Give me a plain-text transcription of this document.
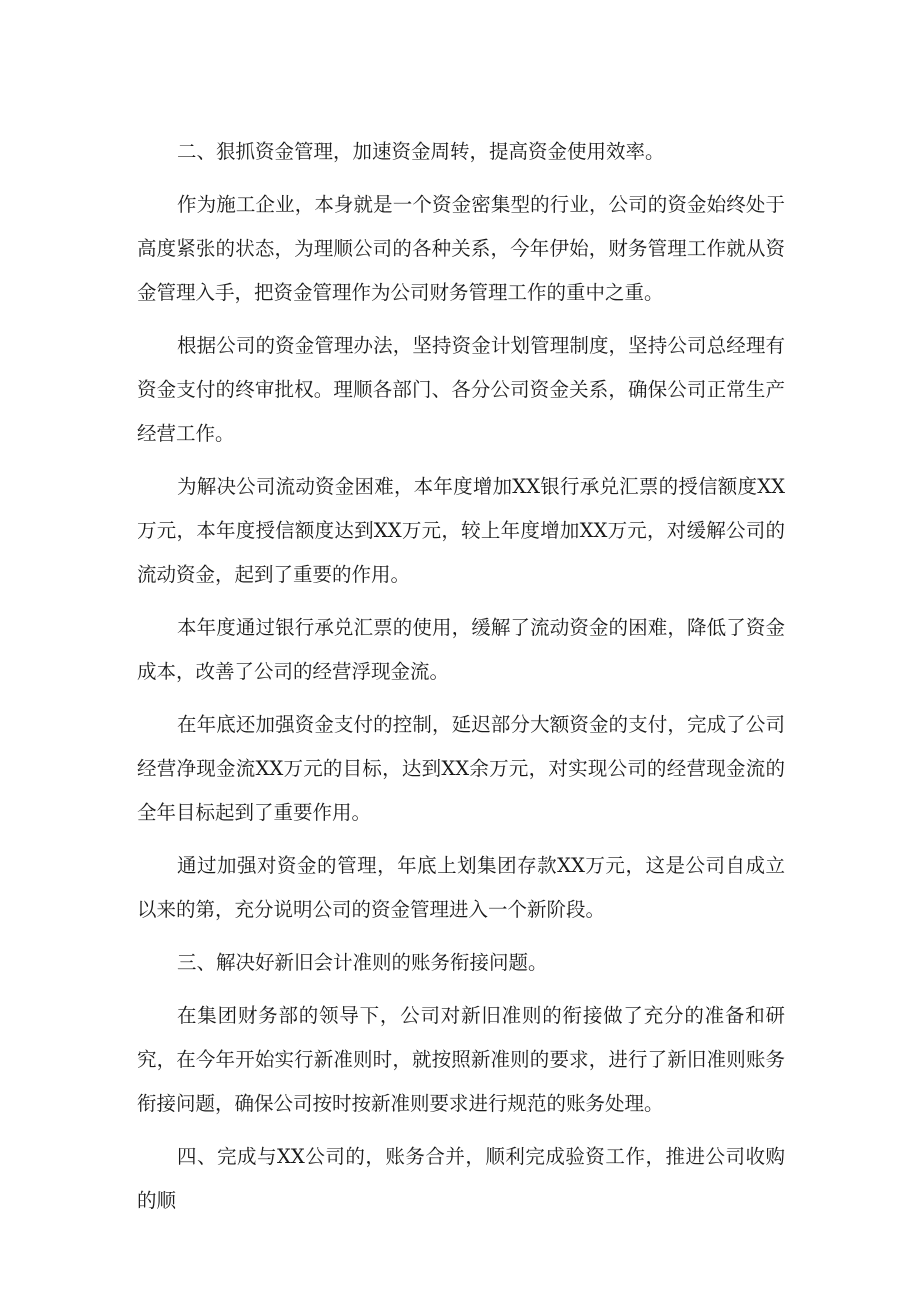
二、狠抓资金管理，加速资金周转，提高资金使用效率。

作为施工企业，本身就是一个资金密集型的行业，公司的资金始终处于高度紧张的状态，为理顺公司的各种关系，今年伊始，财务管理工作就从资金管理入手，把资金管理作为公司财务管理工作的重中之重。

根据公司的资金管理办法，坚持资金计划管理制度，坚持公司总经理有资金支付的终审批权。理顺各部门、各分公司资金关系，确保公司正常生产经营工作。

为解决公司流动资金困难，本年度增加XX银行承兑汇票的授信额度XX万元，本年度授信额度达到XX万元，较上年度增加XX万元，对缓解公司的流动资金，起到了重要的作用。

本年度通过银行承兑汇票的使用，缓解了流动资金的困难，降低了资金成本，改善了公司的经营浮现金流。

在年底还加强资金支付的控制，延迟部分大额资金的支付，完成了公司经营净现金流XX万元的目标，达到XX余万元，对实现公司的经营现金流的全年目标起到了重要作用。

通过加强对资金的管理，年底上划集团存款XX万元，这是公司自成立以来的第，充分说明公司的资金管理进入一个新阶段。

三、解决好新旧会计准则的账务衔接问题。

在集团财务部的领导下，公司对新旧准则的衔接做了充分的准备和研究，在今年开始实行新准则时，就按照新准则的要求，进行了新旧准则账务衔接问题，确保公司按时按新准则要求进行规范的账务处理。

四、完成与XX公司的，账务合并，顺利完成验资工作，推进公司收购的顺
